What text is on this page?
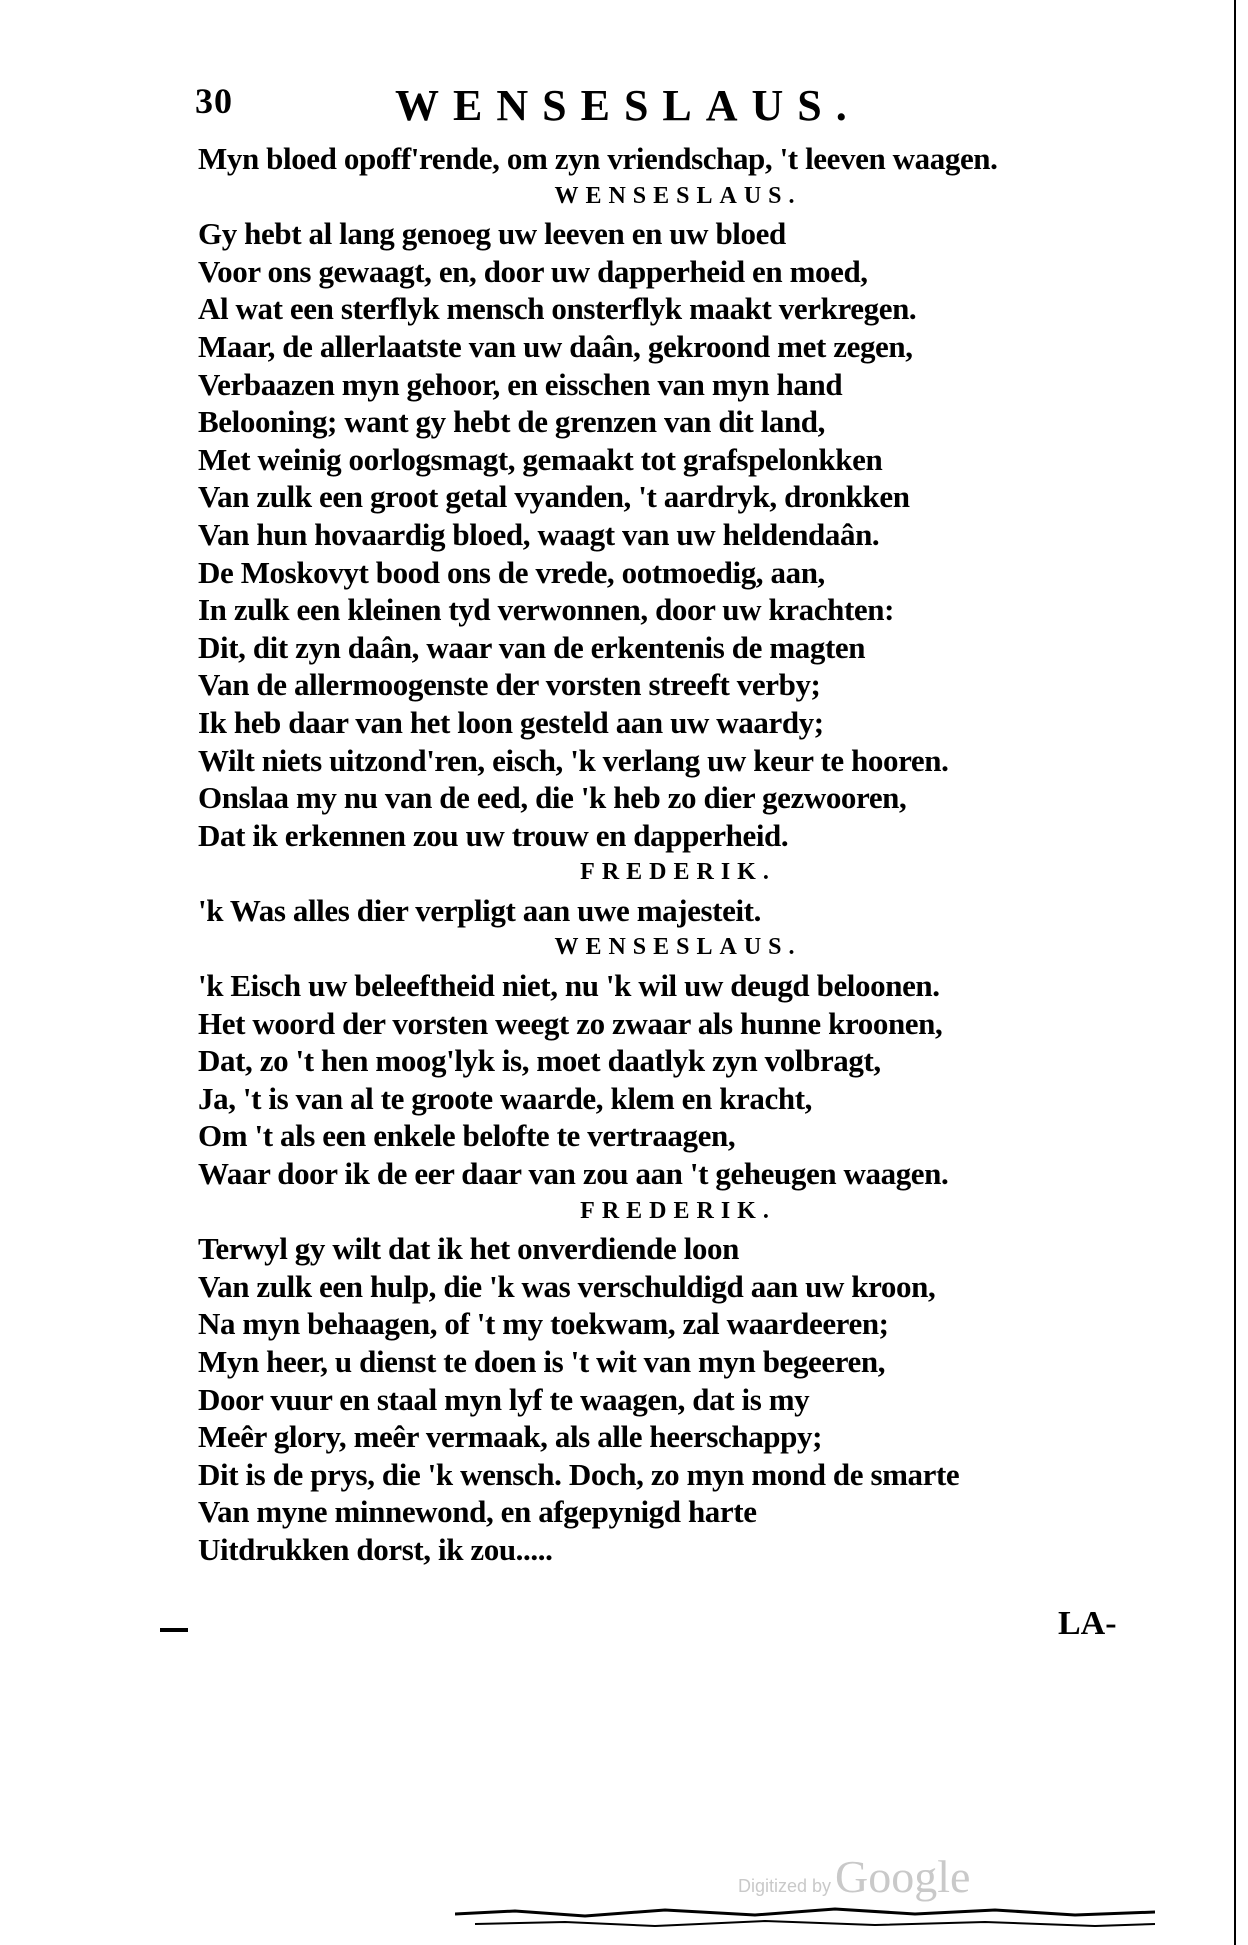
30	WENSESLAUS.
Myn bloed opoff'rende, om zyn vriendschap, 't leeven waagen.
WENSESLAUS.
Gy hebt al lang genoeg uw leeven en uw bloed
Voor ons gewaagt, en, door uw dapperheid en moed,
Al wat een sterflyk mensch onsterflyk maakt verkregen.
Maar, de allerlaatste van uw daân, gekroond met zegen,
Verbaazen myn gehoor, en eisschen van myn hand
Belooning; want gy hebt de grenzen van dit land,
Met weinig oorlogsmagt, gemaakt tot grafspelonkken
Van zulk een groot getal vyanden, 't aardryk, dronkken
Van hun hovaardig bloed, waagt van uw heldendaân.
De Moskovyt bood ons de vrede, ootmoedig, aan,
In zulk een kleinen tyd verwonnen, door uw krachten:
Dit, dit zyn daân, waar van de erkentenis de magten
Van de allermoogenste der vorsten streeft verby;
Ik heb daar van het loon gesteld aan uw waardy;
Wilt niets uitzond'ren, eisch, 'k verlang uw keur te hooren.
Onslaa my nu van de eed, die 'k heb zo dier gezwooren,
Dat ik erkennen zou uw trouw en dapperheid.
FREDERIK.
'k Was alles dier verpligt aan uwe majesteit.
WENSESLAUS.
'k Eisch uw beleeftheid niet, nu 'k wil uw deugd beloonen.
Het woord der vorsten weegt zo zwaar als hunne kroonen,
Dat, zo 't hen moog'lyk is, moet daatlyk zyn volbragt,
Ja, 't is van al te groote waarde, klem en kracht,
Om 't als een enkele belofte te vertraagen,
Waar door ik de eer daar van zou aan 't geheugen waagen.
FREDERIK.
Terwyl gy wilt dat ik het onverdiende loon
Van zulk een hulp, die 'k was verschuldigd aan uw kroon,
Na myn behaagen, of 't my toekwam, zal waardeeren;
Myn heer, u dienst te doen is 't wit van myn begeeren,
Door vuur en staal myn lyf te waagen, dat is my
Meêr glory, meêr vermaak, als alle heerschappy;
Dit is de prys, die 'k wensch. Doch, zo myn mond de smarte
Van myne minnewond, en afgepynigd harte
Uitdrukken dorst, ik zou.....
LA-
Digitized by Google
